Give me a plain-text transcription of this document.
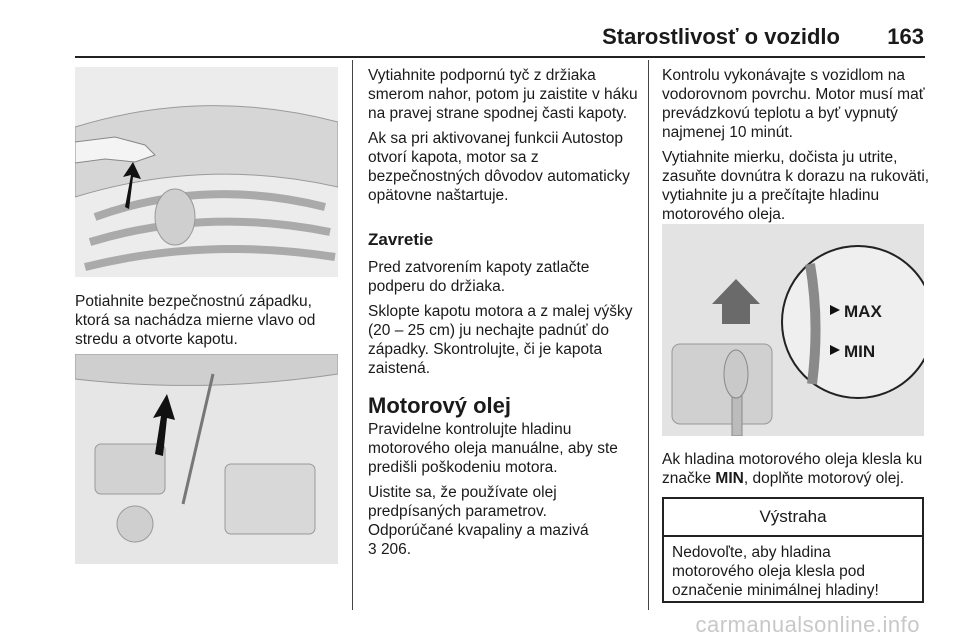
Starostlivosť o vozidlo 163
Potiahnite bezpečnostnú západku, ktorá sa nachádza mierne vlavo od stredu a otvorte kapotu.

Vytiahnite podpornú tyč z držiaka smerom nahor, potom ju zaistite v háku na pravej strane spodnej časti kapoty.

Ak sa pri aktivovanej funkcii Autostop otvorí kapota, motor sa z bezpečnostných dôvodov automaticky opätovne naštartuje.

Zavretie

Pred zatvorením kapoty zatlačte podperu do držiaka.

Sklopte kapotu motora a z malej výšky (20 – 25 cm) ju nechajte padnúť do západky. Skontrolujte, či je kapota zaistená.

Motorový olej

Pravidelne kontrolujte hladinu motorového oleja manuálne, aby ste predišli poškodeniu motora.

Uistite sa, že používate olej predpísaných parametrov.

Odporúčané kvapaliny a mazivá
3 206.

Kontrolu vykonávajte s vozidlom na vodorovnom povrchu. Motor musí mať prevádzkovú teplotu a byť vypnutý najmenej 10 minút.

Vytiahnite mierku, dočista ju utrite, zasuňte dovnútra k dorazu na rukoväti, vytiahnite ju a prečítajte hladinu motorového oleja.

MAX
MIN
Ak hladina motorového oleja klesla ku značke MIN, doplňte motorový olej.
Výstraha
Nedovoľte, aby hladina motorového oleja klesla pod označenie minimálnej hladiny!
carmanualsonline.info
